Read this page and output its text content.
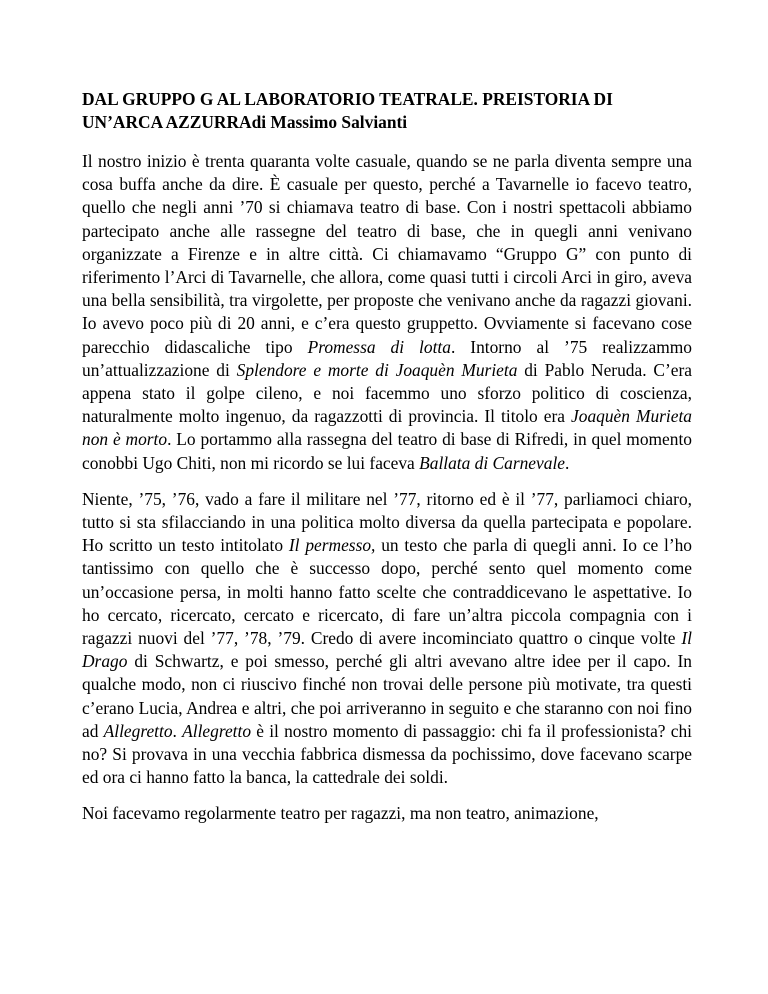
DAL GRUPPO G AL LABORATORIO TEATRALE. PREISTORIA DI UN’ARCA AZZURRAdi Massimo Salvianti
Il nostro inizio è trenta quaranta volte casuale, quando se ne parla diventa sempre una cosa buffa anche da dire. È casuale per questo, perché a Tavarnelle io facevo teatro, quello che negli anni ’70 si chiamava teatro di base. Con i nostri spettacoli abbiamo partecipato anche alle rassegne del teatro di base, che in quegli anni venivano organizzate a Firenze e in altre città. Ci chiamavamo “Gruppo G” con punto di riferimento l’Arci di Tavarnelle, che allora, come quasi tutti i circoli Arci in giro, aveva una bella sensibilità, tra virgolette, per proposte che venivano anche da ragazzi giovani. Io avevo poco più di 20 anni, e c’era questo gruppetto. Ovviamente si facevano cose parecchio didascaliche tipo Promessa di lotta. Intorno al ’75 realizzammo un’attualizzazione di Splendore e morte di Joaquèn Murieta di Pablo Neruda. C’era appena stato il golpe cileno, e noi facemmo uno sforzo politico di coscienza, naturalmente molto ingenuo, da ragazzotti di provincia. Il titolo era Joaquèn Murieta non è morto. Lo portammo alla rassegna del teatro di base di Rifredi, in quel momento conobbi Ugo Chiti, non mi ricordo se lui faceva Ballata di Carnevale.
Niente, ’75, ’76, vado a fare il militare nel ’77, ritorno ed è il ’77, parliamoci chiaro, tutto si sta sfilacciando in una politica molto diversa da quella partecipata e popolare. Ho scritto un testo intitolato Il permesso, un testo che parla di quegli anni. Io ce l’ho tantissimo con quello che è successo dopo, perché sento quel momento come un’occasione persa, in molti hanno fatto scelte che contraddicevano le aspettative. Io ho cercato, ricercato, cercato e ricercato, di fare un’altra piccola compagnia con i ragazzi nuovi del ’77, ’78, ’79. Credo di avere incominciato quattro o cinque volte Il Drago di Schwartz, e poi smesso, perché gli altri avevano altre idee per il capo. In qualche modo, non ci riuscivo finché non trovai delle persone più motivate, tra questi c’erano Lucia, Andrea e altri, che poi arriveranno in seguito e che staranno con noi fino ad Allegretto. Allegretto è il nostro momento di passaggio: chi fa il professionista? chi no? Si provava in una vecchia fabbrica dismessa da pochissimo, dove facevano scarpe ed ora ci hanno fatto la banca, la cattedrale dei soldi.
Noi facevamo regolarmente teatro per ragazzi, ma non teatro, animazione,
